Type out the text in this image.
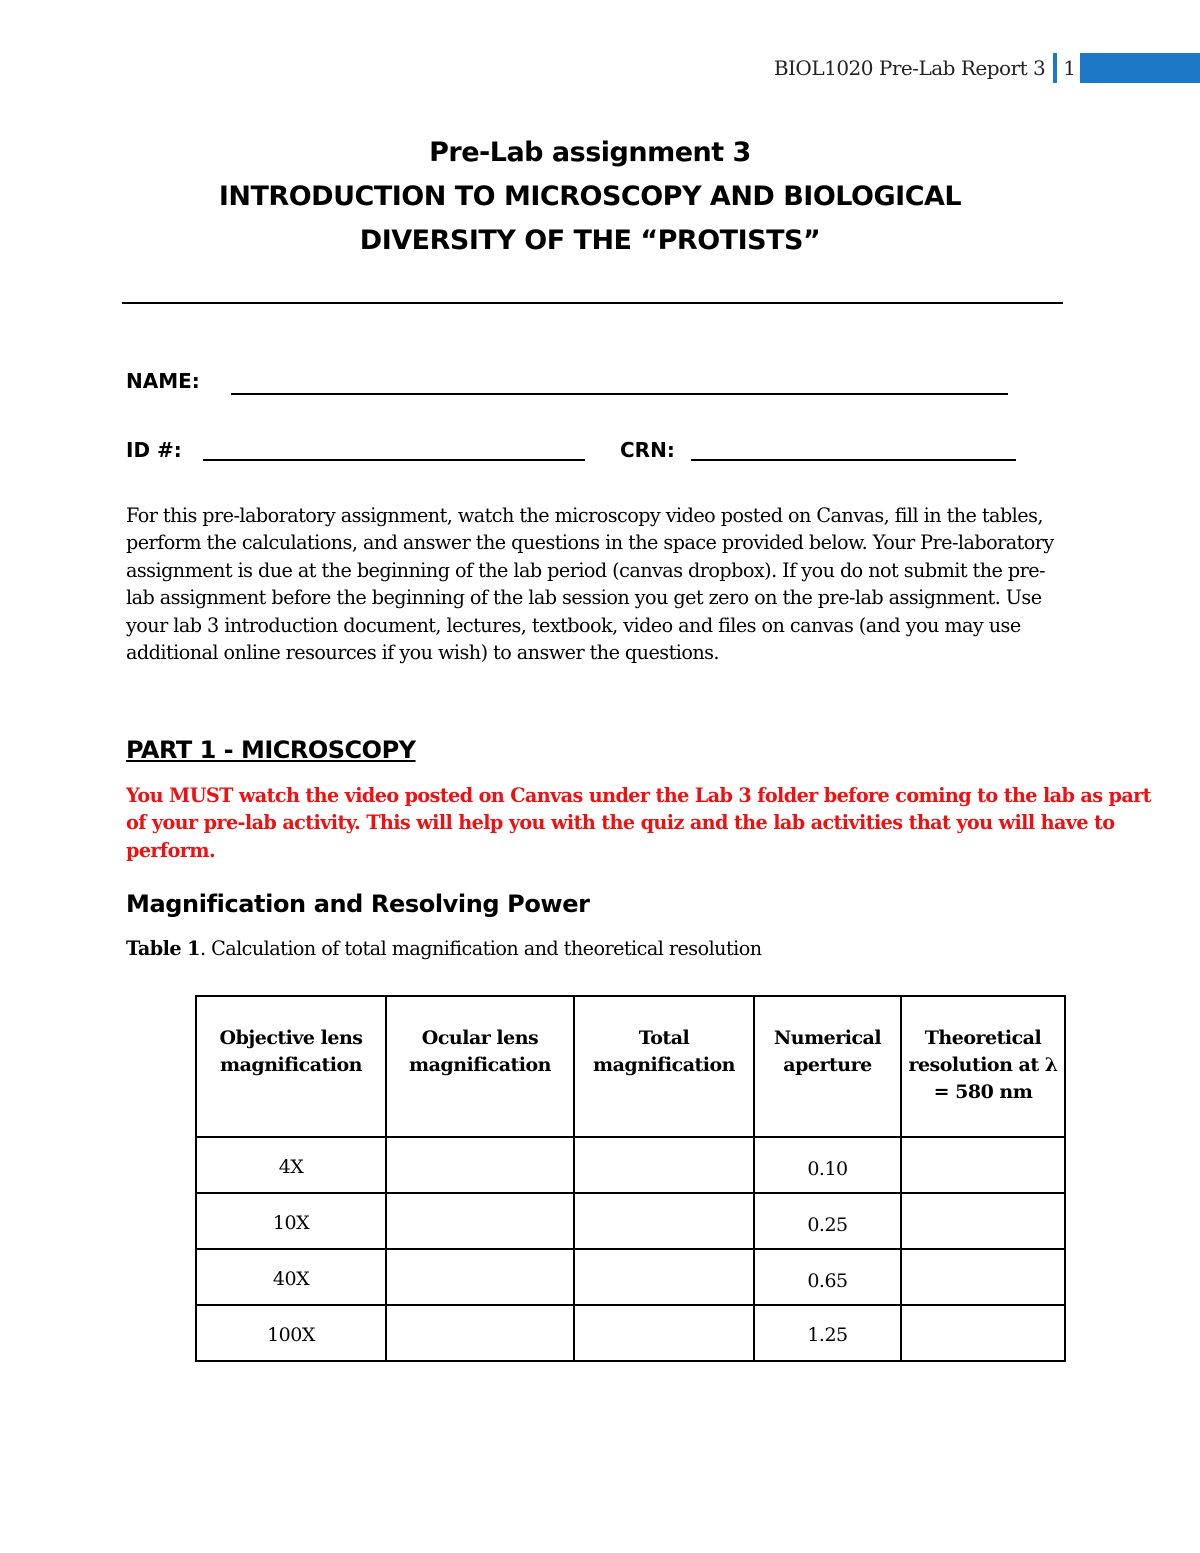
BIOL1020 Pre-Lab Report 3 1
Pre-Lab assignment 3
INTRODUCTION TO MICROSCOPY AND BIOLOGICAL
DIVERSITY OF THE “PROTISTS”
NAME:
ID #:	CRN:
For this pre-laboratory assignment, watch the microscopy video posted on Canvas, fill in the tables, perform the calculations, and answer the questions in the space provided below. Your Pre-laboratory assignment is due at the beginning of the lab period (canvas dropbox). If you do not submit the pre-lab assignment before the beginning of the lab session you get zero on the pre-lab assignment. Use your lab 3 introduction document, lectures, textbook, video and files on canvas (and you may use additional online resources if you wish) to answer the questions.
PART 1 - MICROSCOPY
You MUST watch the video posted on Canvas under the Lab 3 folder before coming to the lab as part of your pre-lab activity. This will help you with the quiz and the lab activities that you will have to perform.
Magnification and Resolving Power
Table 1. Calculation of total magnification and theoretical resolution
Objective lens magnification	Ocular lens magnification	Total magnification	Numerical aperture	Theoretical resolution at λ = 580 nm
4X			0.10	
10X			0.25	
40X			0.65	
100X			1.25	
